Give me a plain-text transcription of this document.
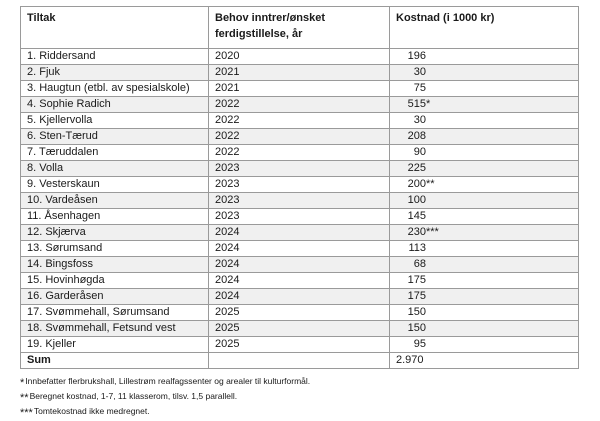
Tiltak	Behov inntrer/ønsket ferdigstillelse, år	Kostnad (i 1000 kr)
1. Riddersand	2020	196
2. Fjuk	2021	30
3. Haugtun (etbl. av spesialskole)	2021	75
4. Sophie Radich	2022	515*
5. Kjellervolla	2022	30
6. Sten-Tærud	2022	208
7. Tæruddalen	2022	90
8. Volla	2023	225
9. Vesterskaun	2023	200**
10. Vardeåsen	2023	100
11. Åsenhagen	2023	145
12. Skjærva	2024	230***
13. Sørumsand	2024	113
14. Bingsfoss	2024	68
15. Hovinhøgda	2024	175
16. Garderåsen	2024	175
17. Svømmehall, Sørumsand	2025	150
18. Svømmehall, Fetsund vest	2025	150
19. Kjeller	2025	95
Sum		2.970
*Innbefatter flerbrukshall, Lillestrøm realfagssenter og arealer til kulturformål.
**Beregnet kostnad, 1-7, 11 klasserom, tilsv. 1,5 parallell.
***Tomtekostnad ikke medregnet.
